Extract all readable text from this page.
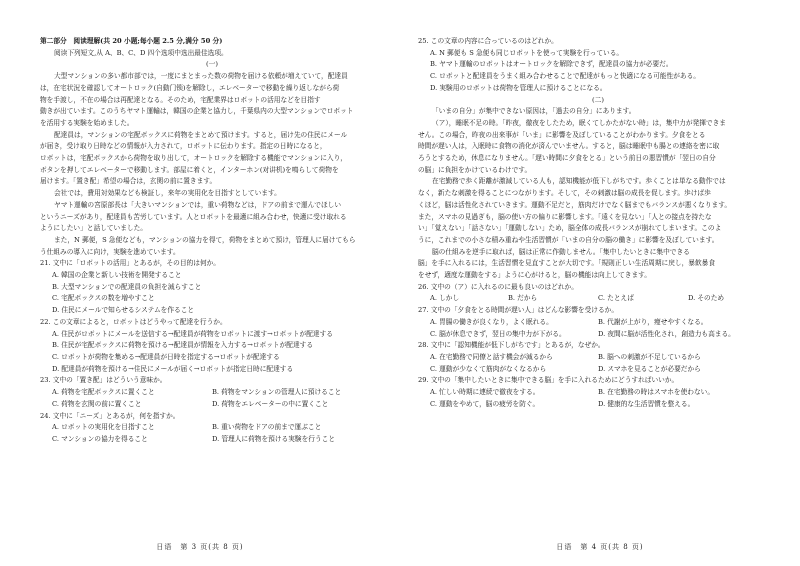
第二部分　阅读理解(共 20 小题;每小题 2.5 分,满分 50 分)
阅读下列短文,从 A、B、C、D 四个选项中选出最佳选项。
(一)
大型マンションの多い都市部では，一度にまとまった数の荷物を届ける依頼が増えていて，配達員
は，在宅状況を確認してオートロック(自動门锁)を解除し，エレベーターで移動を繰り返しながら荷
物を手渡し，不在の場合は再配達となる。そのため，宅配業界はロボットの活用などを目指す
動きが出ています。このうちヤマト運輸は，韓国の企業と協力し，千葉県内の大型マンションでロボット
を活用する実験を始めました。
配達員は，マンションの宅配ボックスに荷物をまとめて預けます。すると，届け先の住民にメール
が届き，受け取り日時などの情報が入力されて，ロボットに伝わります。指定の日時になると，
ロボットは，宅配ボックスから荷物を取り出して，オートロックを解除する機能でマンションに入り，
ボタンを押してエレベーターで移動します。部屋に着くと，インターホン(对讲机)を鳴らして荷物を
届けます。「置き配」希望の場合は，玄関の前に置きます。
会社では，費用対効果なども検証し，来年の実用化を目指すとしています。
ヤマト運輸の宮原部長は「大きいマンションでは，重い荷物などは，ドアの前まで運んでほしい
というニーズがあり，配達員も苦労しています。人とロボットを最適に組み合わせ，快適に受け取れる
ようにしたい」と話していました。
また，N 郵便，S 急便なども，マンションの協力を得て，荷物をまとめて預け，管理人に届けてもら
う仕組みの導入に向け，実験を進めています。
21. 文中に「ロボットの活用」とあるが，その目的は何か。
A. 韓国の企業と新しい技術を開発すること
B. 大型マンションでの配達員の負担を減らすこと
C. 宅配ボックスの数を増やすこと
D. 住民にメールで知らせるシステムを作ること
22. この文章によると，ロボットはどうやって配達を行うか。
A. 住民がロボットにメールを送信する→配達員が荷物をロボットに渡す→ロボットが配達する
B. 住民が宅配ボックスに荷物を預ける→配達員が情報を入力する→ロボットが配達する
C. ロボットが荷物を集める→配達員が日時を指定する→ロボットが配達する
D. 配達員が荷物を預ける→住民にメールが届く→ロボットが指定日時に配達する
23. 文中の「置き配」はどういう意味か。
A. 荷物を宅配ボックスに置くこと	B. 荷物をマンションの管理人に預けること
C. 荷物を玄関の前に置くこと	D. 荷物をエレベーターの中に置くこと
24. 文中に「ニーズ」とあるが，何を指すか。
A. ロボットの実用化を目指すこと	B. 重い荷物をドアの前まで運ぶこと
C. マンションの協力を得ること	D. 管理人に荷物を預ける実験を行うこと
日语　第 3 页(共 8 页)
25. この文章の内容に合っているのはどれか。
A. N 郵便も S 急便も同じロボットを使って実験を行っている。
B. ヤマト運輸のロボットはオートロックを解除できず，配達員の協力が必要だ。
C. ロボットと配達員をうまく組み合わせることで配達がもっと快適になる可能性がある。
D. 実験用のロボットは荷物を管理人に預けることになる。
(二)
「いまの自分」が集中できない原因は，「過去の自分」にあります。
（ア），睡眠不足の時。「昨夜，徹夜をしたため，眠くてしかたがない時」は，集中力が発揮できま
せん。この場合，昨夜の出来事が「いま」に影響を及ぼしていることがわかります。夕食をとる
時間が遅い人は，入眠時に食物の消化が済んでいません。すると，脳は睡眠中も腸との連絡を密に取
ろうとするため，休息になりません。「遅い時間に夕食をとる」という前日の悪習慣が「翌日の自分
の脳」に負担をかけているわけです。
在宅勤務で歩く距離が激減している人も，認知機能が低下しがちです。歩くことは単なる動作では
なく，新たな刺激を得ることにつながります。そして，その刺激は脳の成長を促します。歩けば歩
くほど，脳は活性化されていきます。運動不足だと，筋肉だけでなく脳までもバランスが悪くなります。
また，スマホの見過ぎも，脳の使い方の偏りに影響します。「遠くを見ない」「人との接点を持たな
い」「覚えない」「話さない」「運動しない」ため，脳全体の成長バランスが崩れてしまいます。このよ
うに，これまでの小さな積み重ねや生活習慣が「いまの自分の脳の働き」に影響を及ぼしています。
脳の仕組みを逆手に取れば，脳は正常に作動しません。「集中したいときに集中できる
脳」を手に入れるには，生活習慣を見直すことが大切です。「規則正しい生活周期に戻し，暴飲暴食
をせず，適度な運動をする」ように心がけると，脳の機能は向上してきます。
26. 文中の（ア）に入れるのに最も良いのはどれか。
A. しかし	B. だから	C. たとえば	D. そのため
27. 文中の「夕食をとる時間が遅い人」はどんな影響を受けるか。
A. 胃腸の働きが良くなり，よく眠れる。	B. 代謝が上がり，痩せやすくなる。
C. 脳が休息できず，翌日の集中力が下がる。	D. 夜間に脳が活性化され，創造力も高まる。
28. 文中に「認知機能が低下しがちです」とあるが，なぜか。
A. 在宅勤務で同僚と話す機会が減るから	B. 脳への刺激が不足しているから
C. 運動が少なくて筋肉がなくなるから	D. スマホを見ることが必要だから
29. 文中の「集中したいときに集中できる脳」を手に入れるためにどうすればいいか。
A. 忙しい時期に連続で徹夜をする。	B. 在宅勤務の時はスマホを使わない。
C. 運動をやめて，脳の疲労を防ぐ。	D. 健康的な生活習慣を整える。
日语　第 4 页(共 8 页)
